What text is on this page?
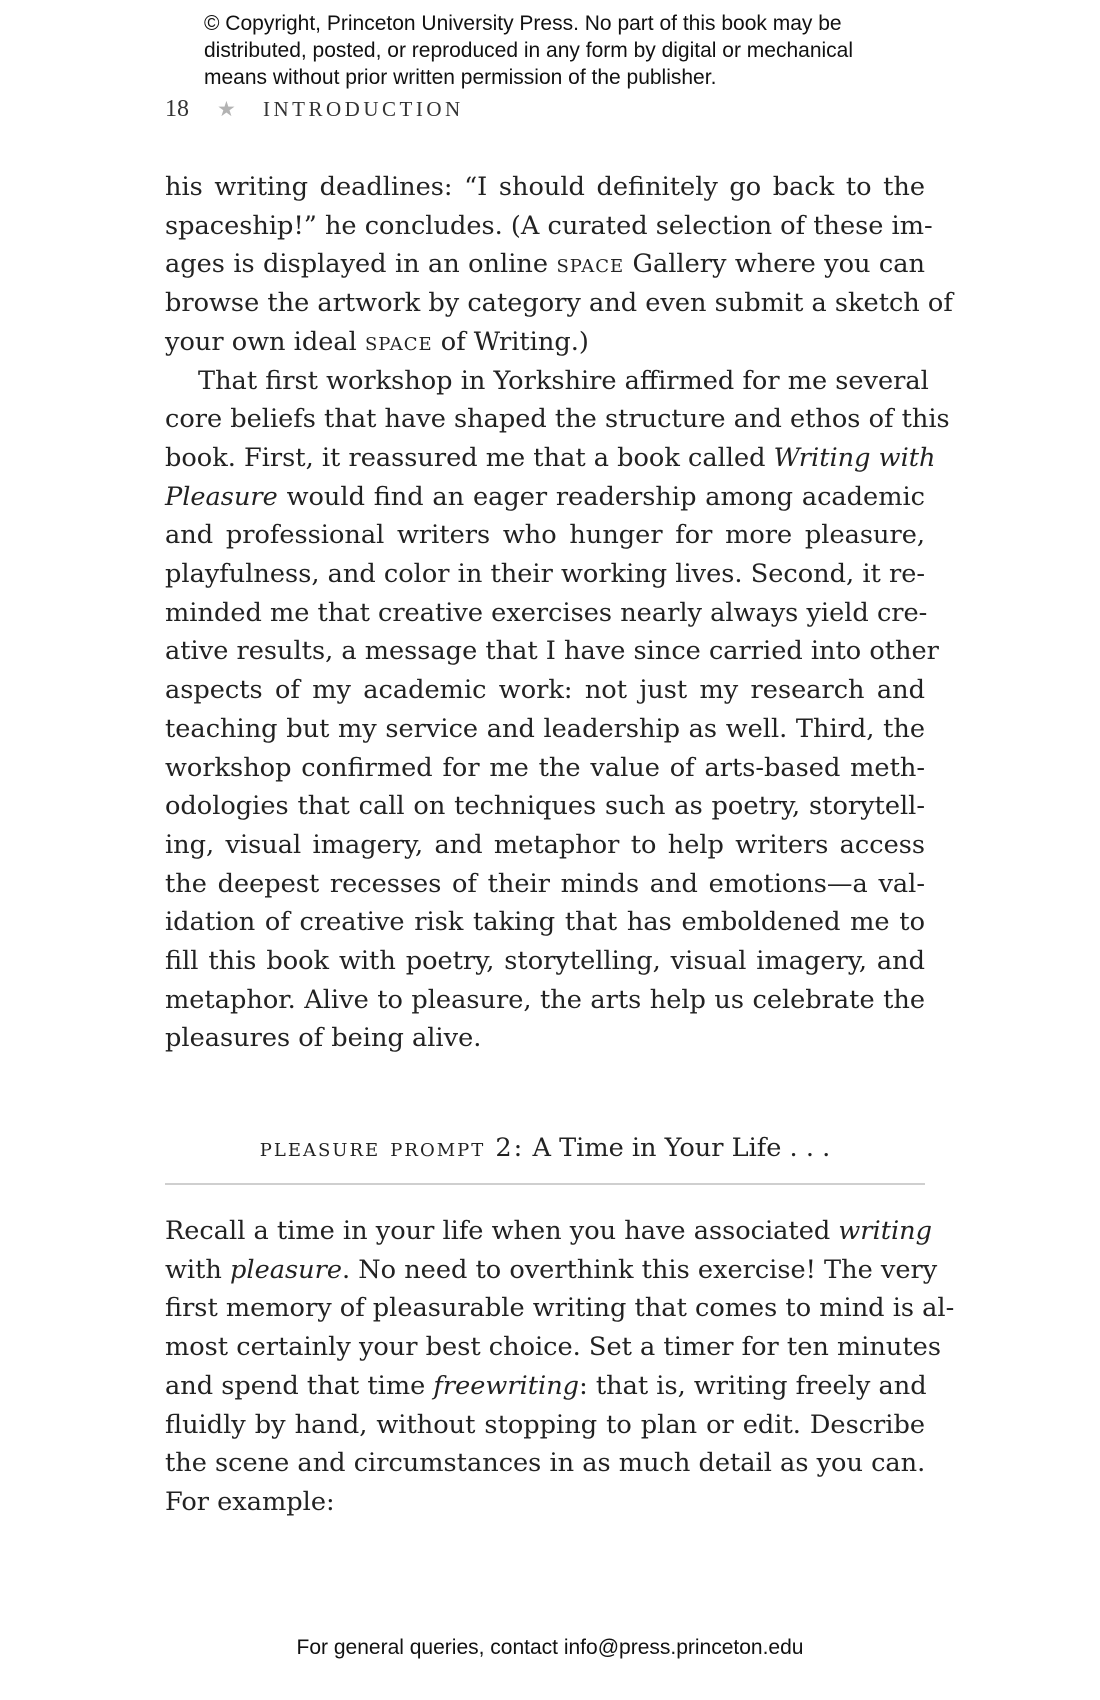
© Copyright, Princeton University Press. No part of this book may be
distributed, posted, or reproduced in any form by digital or mechanical
means without prior written permission of the publisher.
18	★	INTRODUCTION
his writing deadlines: “I should definitely go back to the
spaceship!” he concludes. (A curated selection of these im-
ages is displayed in an online space Gallery where you can
browse the artwork by category and even submit a sketch of
your own ideal space of Writing.)
That first workshop in Yorkshire affirmed for me several
core beliefs that have shaped the structure and ethos of this
book. First, it reassured me that a book called Writing with
Pleasure would find an eager readership among academic
and professional writers who hunger for more pleasure,
playfulness, and color in their working lives. Second, it re-
minded me that creative exercises nearly always yield cre-
ative results, a message that I have since carried into other
aspects of my academic work: not just my research and
teaching but my service and leadership as well. Third, the
workshop confirmed for me the value of arts-based meth-
odologies that call on techniques such as poetry, storytell-
ing, visual imagery, and metaphor to help writers access
the deepest recesses of their minds and emotions—a val-
idation of creative risk taking that has emboldened me to
fill this book with poetry, storytelling, visual imagery, and
metaphor. Alive to pleasure, the arts help us celebrate the
pleasures of being alive.
pleasure prompt 2: A Time in Your Life . . .
Recall a time in your life when you have associated writing
with pleasure. No need to overthink this exercise! The very
first memory of pleasurable writing that comes to mind is al-
most certainly your best choice. Set a timer for ten minutes
and spend that time freewriting: that is, writing freely and
fluidly by hand, without stopping to plan or edit. Describe
the scene and circumstances in as much detail as you can.
For example:
For general queries, contact info@press.princeton.edu
